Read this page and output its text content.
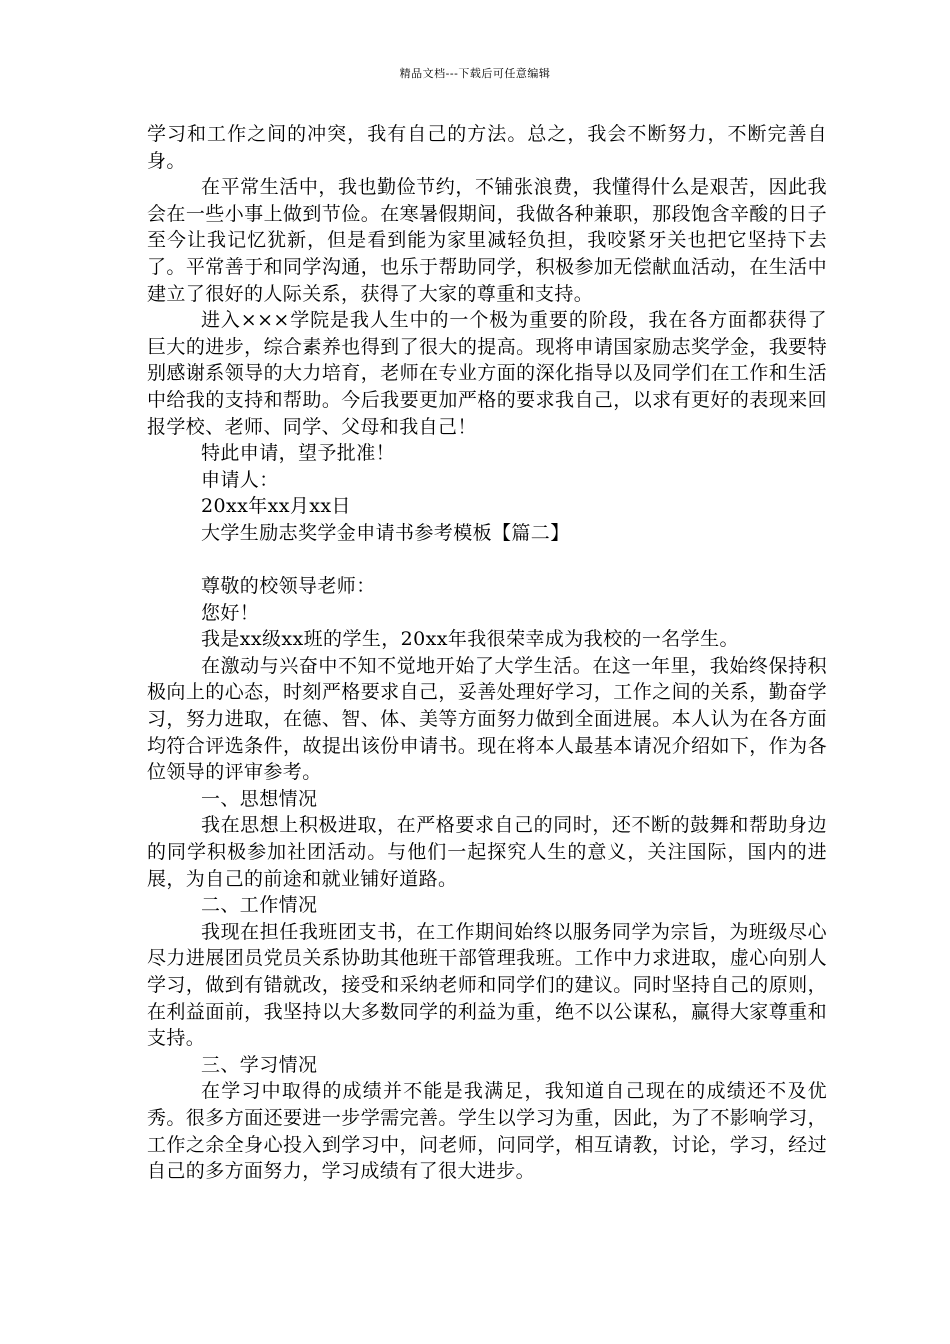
精品文档---下载后可任意编辑

学习和工作之间的冲突，我有自己的方法。总之，我会不断努力，不断完善自身。

在平常生活中，我也勤俭节约，不铺张浪费，我懂得什么是艰苦，因此我会在一些小事上做到节俭。在寒暑假期间，我做各种兼职，那段饱含辛酸的日子至今让我记忆犹新，但是看到能为家里减轻负担，我咬紧牙关也把它坚持下去了。平常善于和同学沟通，也乐于帮助同学，积极参加无偿献血活动，在生活中建立了很好的人际关系，获得了大家的尊重和支持。

进入×××学院是我人生中的一个极为重要的阶段，我在各方面都获得了巨大的进步，综合素养也得到了很大的提高。现将申请国家励志奖学金，我要特别感谢系领导的大力培育，老师在专业方面的深化指导以及同学们在工作和生活中给我的支持和帮助。今后我要更加严格的要求我自己，以求有更好的表现来回报学校、老师、同学、父母和我自己！

特此申请，望予批准！

申请人：

20xx年xx月xx日

大学生励志奖学金申请书参考模板【篇二】

尊敬的校领导老师：

您好！

我是xx级xx班的学生，20xx年我很荣幸成为我校的一名学生。

在激动与兴奋中不知不觉地开始了大学生活。在这一年里，我始终保持积极向上的心态，时刻严格要求自己，妥善处理好学习，工作之间的关系，勤奋学习，努力进取，在德、智、体、美等方面努力做到全面进展。本人认为在各方面均符合评选条件，故提出该份申请书。现在将本人最基本请况介绍如下，作为各位领导的评审参考。

一、思想情况

我在思想上积极进取，在严格要求自己的同时，还不断的鼓舞和帮助身边的同学积极参加社团活动。与他们一起探究人生的意义，关注国际，国内的进展，为自己的前途和就业铺好道路。

二、工作情况

我现在担任我班团支书，在工作期间始终以服务同学为宗旨，为班级尽心尽力进展团员党员关系协助其他班干部管理我班。工作中力求进取，虚心向别人学习，做到有错就改，接受和采纳老师和同学们的建议。同时坚持自己的原则，在利益面前，我坚持以大多数同学的利益为重，绝不以公谋私，赢得大家尊重和支持。

三、学习情况

在学习中取得的成绩并不能是我满足，我知道自己现在的成绩还不及优秀。很多方面还要进一步学需完善。学生以学习为重，因此，为了不影响学习，工作之余全身心投入到学习中，问老师，问同学，相互请教，讨论，学习，经过自己的多方面努力，学习成绩有了很大进步。
